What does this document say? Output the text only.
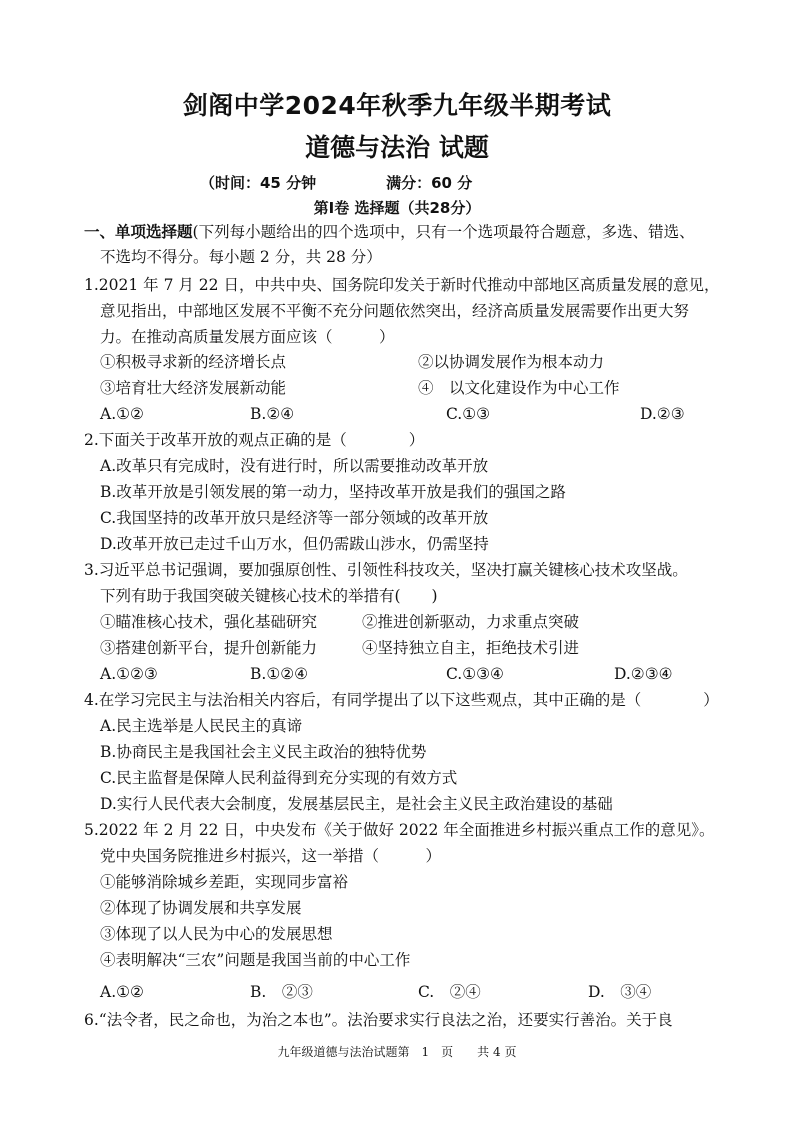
剑阁中学2024年秋季九年级半期考试
道德与法治 试题
（时间：45 分钟	满分：60 分
第Ⅰ卷 选择题（共28分）
一、单项选择题(下列每小题给出的四个选项中，只有一个选项最符合题意，多选、错选、
不选均不得分。每小题 2 分，共 28 分）
1.2021 年 7 月 22 日，中共中央、国务院印发关于新时代推动中部地区高质量发展的意见，
意见指出，中部地区发展不平衡不充分问题依然突出，经济高质量发展需要作出更大努
力。在推动高质量发展方面应该（　　　）
①积极寻求新的经济增长点	②以协调发展作为根本动力
③培育壮大经济发展新动能	④　以文化建设作为中心工作
A.①②	B.②④	C.①③	D.②③
2.下面关于改革开放的观点正确的是（　　　　）
A.改革只有完成时，没有进行时，所以需要推动改革开放
B.改革开放是引领发展的第一动力，坚持改革开放是我们的强国之路
C.我国坚持的改革开放只是经济等一部分领域的改革开放
D.改革开放已走过千山万水，但仍需跋山涉水，仍需坚持
3.习近平总书记强调，要加强原创性、引领性科技攻关，坚决打赢关键核心技术攻坚战。
下列有助于我国突破关键核心技术的举措有(　　)
①瞄准核心技术，强化基础研究	②推进创新驱动，力求重点突破
③搭建创新平台，提升创新能力	④坚持独立自主，拒绝技术引进
A.①②③	B.①②④	C.①③④	D.②③④
4.在学习完民主与法治相关内容后，有同学提出了以下这些观点，其中正确的是（　　　　）
A.民主选举是人民民主的真谛
B.协商民主是我国社会主义民主政治的独特优势
C.民主监督是保障人民利益得到充分实现的有效方式
D.实行人民代表大会制度，发展基层民主，是社会主义民主政治建设的基础
5.2022 年 2 月 22 日，中央发布《关于做好 2022 年全面推进乡村振兴重点工作的意见》。
党中央国务院推进乡村振兴，这一举措（　　　）
①能够消除城乡差距，实现同步富裕
②体现了协调发展和共享发展
③体现了以人民为中心的发展思想
④表明解决“三农”问题是我国当前的中心工作
A.①②	B.　②③	C.　②④	D.　③④
6.“法令者，民之命也，为治之本也”。法治要求实行良法之治，还要实行善治。关于良
九年级道德与法治试题第　1　页　　共 4 页
